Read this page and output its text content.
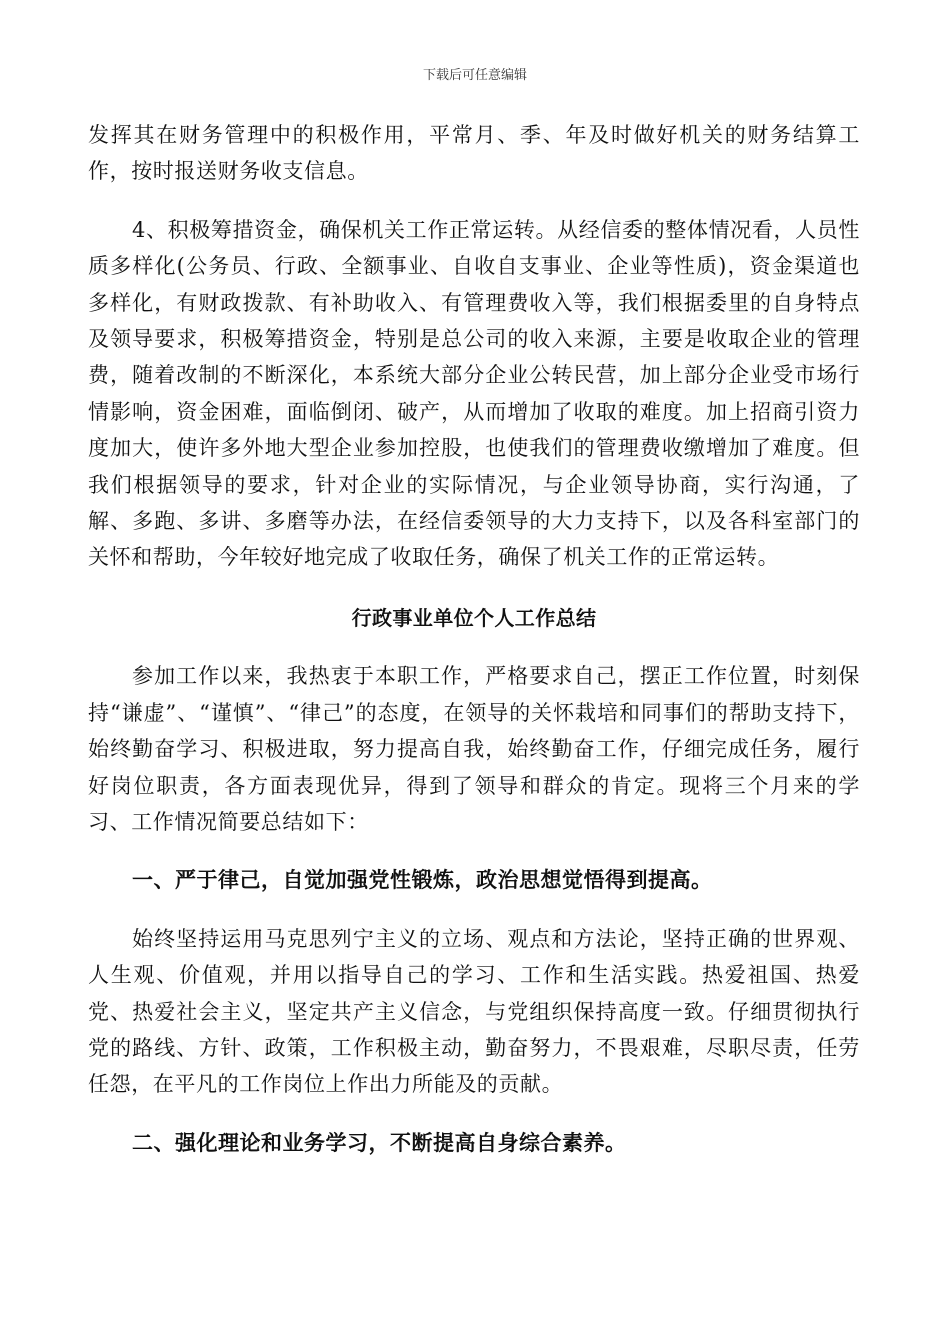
下载后可任意编辑

发挥其在财务管理中的积极作用，平常月、季、年及时做好机关的财务结算工作，按时报送财务收支信息。

4、积极筹措资金，确保机关工作正常运转。从经信委的整体情况看，人员性质多样化(公务员、行政、全额事业、自收自支事业、企业等性质)，资金渠道也多样化，有财政拨款、有补助收入、有管理费收入等，我们根据委里的自身特点及领导要求，积极筹措资金，特别是总公司的收入来源，主要是收取企业的管理费，随着改制的不断深化，本系统大部分企业公转民营，加上部分企业受市场行情影响，资金困难，面临倒闭、破产，从而增加了收取的难度。加上招商引资力度加大，使许多外地大型企业参加控股，也使我们的管理费收缴增加了难度。但我们根据领导的要求，针对企业的实际情况，与企业领导协商，实行沟通，了解、多跑、多讲、多磨等办法，在经信委领导的大力支持下，以及各科室部门的关怀和帮助，今年较好地完成了收取任务，确保了机关工作的正常运转。

行政事业单位个人工作总结

参加工作以来，我热衷于本职工作，严格要求自己，摆正工作位置，时刻保持“谦虚”、“谨慎”、“律己”的态度，在领导的关怀栽培和同事们的帮助支持下，始终勤奋学习、积极进取，努力提高自我，始终勤奋工作，仔细完成任务，履行好岗位职责，各方面表现优异，得到了领导和群众的肯定。现将三个月来的学习、工作情况简要总结如下：

一、严于律己，自觉加强党性锻炼，政治思想觉悟得到提高。

始终坚持运用马克思列宁主义的立场、观点和方法论，坚持正确的世界观、人生观、价值观，并用以指导自己的学习、工作和生活实践。热爱祖国、热爱党、热爱社会主义，坚定共产主义信念，与党组织保持高度一致。仔细贯彻执行党的路线、方针、政策，工作积极主动，勤奋努力，不畏艰难，尽职尽责，任劳任怨，在平凡的工作岗位上作出力所能及的贡献。

二、强化理论和业务学习，不断提高自身综合素养。
